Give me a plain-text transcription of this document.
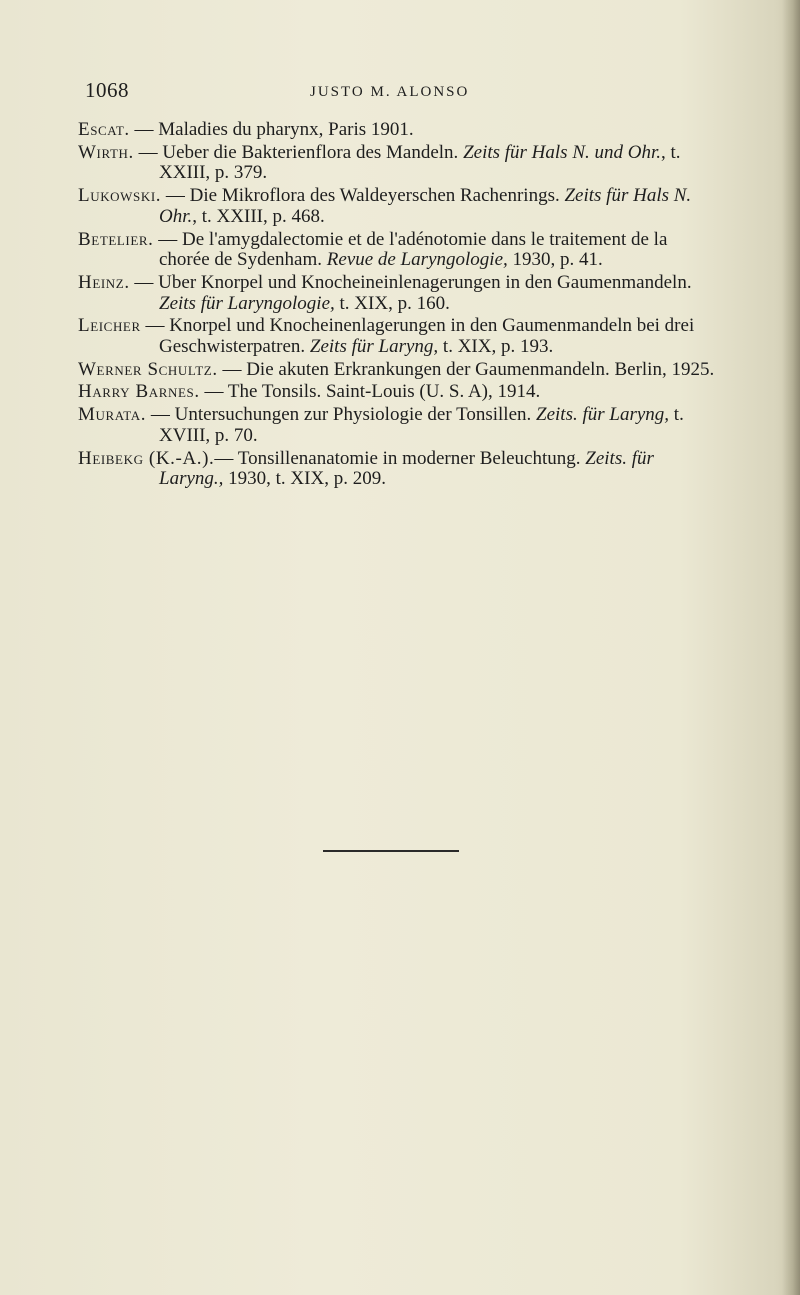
1068	JUSTO M. ALONSO
Escat. — Maladies du pharynx, Paris 1901.
Wirth. — Ueber die Bakterienflora des Mandeln. Zeits für Hals N. und Ohr., t. XXIII, p. 379.
Lukowski. — Die Mikroflora des Waldeyerschen Rachenrings. Zeits für Hals N. Ohr., t. XXIII, p. 468.
Betelier. — De l'amygdalectomie et de l'adénotomie dans le traitement de la chorée de Sydenham. Revue de Laryngologie, 1930, p. 41.
Heinz. — Uber Knorpel und Knocheineinlenagerungen in den Gaumenmandeln. Zeits für Laryngologie, t. XIX, p. 160.
Leicher — Knorpel und Knocheinenlagerungen in den Gaumenmandeln bei drei Geschwisterpatren. Zeits für Laryng, t. XIX, p. 193.
Werner Schultz. — Die akuten Erkrankungen der Gaumenmandeln. Berlin, 1925.
Harry Barnes. — The Tonsils. Saint-Louis (U. S. A), 1914.
Murata. — Untersuchungen zur Physiologie der Tonsillen. Zeits. für Laryng, t. XVIII, p. 70.
Heibekg (K.-A.).— Tonsillenanatomie in moderner Beleuchtung. Zeits. für Laryng., 1930, t. XIX, p. 209.
